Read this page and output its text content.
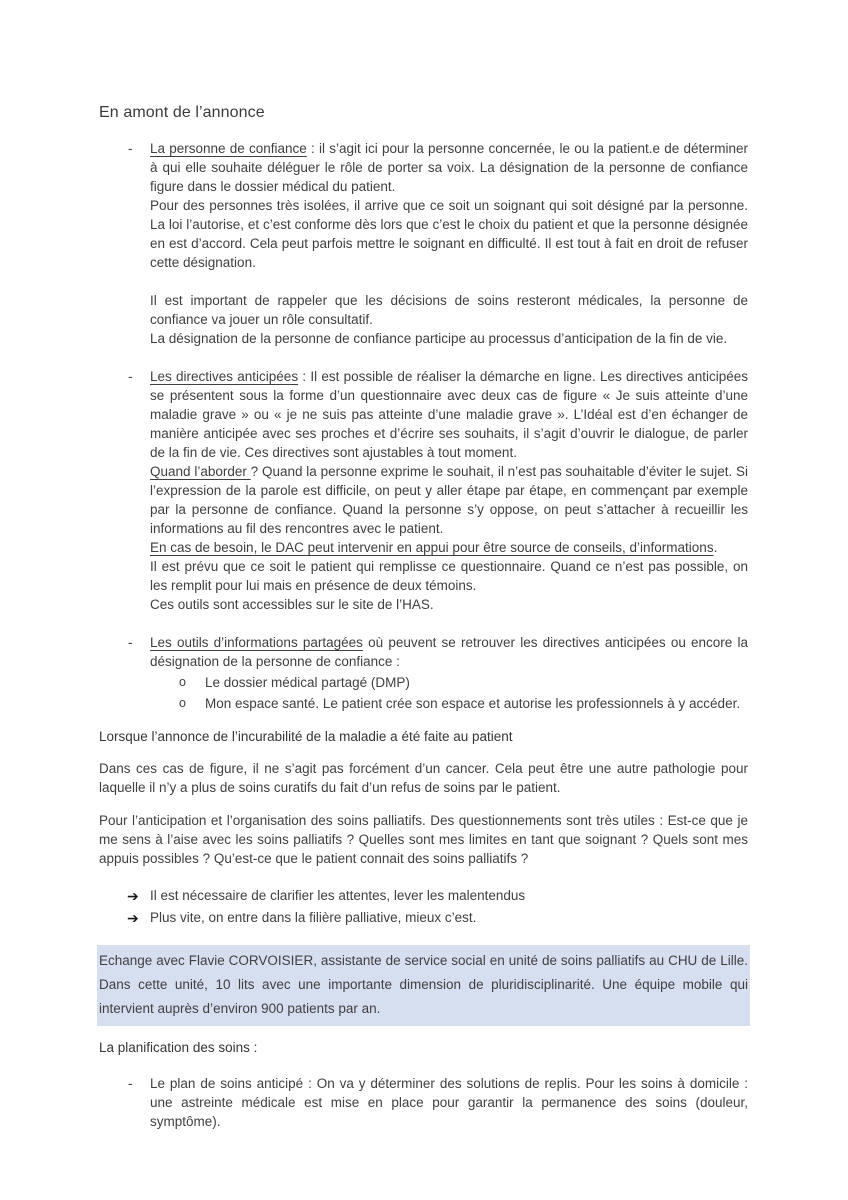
En amont de l’annonce
-	La personne de confiance : il s’agit ici pour la personne concernée, le ou la patient.e de déterminer à qui elle souhaite déléguer le rôle de porter sa voix. La désignation de la personne de confiance figure dans le dossier médical du patient.

Pour des personnes très isolées, il arrive que ce soit un soignant qui soit désigné par la personne. La loi l’autorise, et c’est conforme dès lors que c’est le choix du patient et que la personne désignée en est d’accord. Cela peut parfois mettre le soignant en difficulté. Il est tout à fait en droit de refuser cette désignation.

Il est important de rappeler que les décisions de soins resteront médicales, la personne de confiance va jouer un rôle consultatif.

La désignation de la personne de confiance participe au processus d’anticipation de la fin de vie.

-	Les directives anticipées : Il est possible de réaliser la démarche en ligne. Les directives anticipées se présentent sous la forme d’un questionnaire avec deux cas de figure « Je suis atteinte d’une maladie grave » ou « je ne suis pas atteinte d’une maladie grave ». L’Idéal est d’en échanger de manière anticipée avec ses proches et d’écrire ses souhaits, il s’agit d’ouvrir le dialogue, de parler de la fin de vie. Ces directives sont ajustables à tout moment.

Quand l’aborder ? Quand la personne exprime le souhait, il n’est pas souhaitable d’éviter le sujet. Si l’expression de la parole est difficile, on peut y aller étape par étape, en commençant par exemple par la personne de confiance. Quand la personne s’y oppose, on peut s’attacher à recueillir les informations au fil des rencontres avec le patient.

En cas de besoin, le DAC peut intervenir en appui pour être source de conseils, d’informations.

Il est prévu que ce soit le patient qui remplisse ce questionnaire. Quand ce n’est pas possible, on les remplit pour lui mais en présence de deux témoins.

Ces outils sont accessibles sur le site de l’HAS.

-	Les outils d’informations partagées où peuvent se retrouver les directives anticipées ou encore la désignation de la personne de confiance :

o	Le dossier médical partagé (DMP)
o	Mon espace santé. Le patient crée son espace et autorise les professionnels à y accéder.

Lorsque l’annonce de l’incurabilité de la maladie a été faite au patient

Dans ces cas de figure, il ne s’agit pas forcément d’un cancer. Cela peut être une autre pathologie pour laquelle il n’y a plus de soins curatifs du fait d’un refus de soins par le patient.

Pour l’anticipation et l’organisation des soins palliatifs. Des questionnements sont très utiles : Est-ce que je me sens à l’aise avec les soins palliatifs ? Quelles sont mes limites en tant que soignant ? Quels sont mes appuis possibles ? Qu’est-ce que le patient connait des soins palliatifs ?

➔ Il est nécessaire de clarifier les attentes, lever les malentendus
➔ Plus vite, on entre dans la filière palliative, mieux c’est.

Echange avec Flavie CORVOISIER, assistante de service social en unité de soins palliatifs au CHU de Lille. Dans cette unité, 10 lits avec une importante dimension de pluridisciplinarité. Une équipe mobile qui intervient auprès d’environ 900 patients par an.

La planification des soins :

-	Le plan de soins anticipé : On va y déterminer des solutions de replis. Pour les soins à domicile : une astreinte médicale est mise en place pour garantir la permanence des soins (douleur, symptôme).
